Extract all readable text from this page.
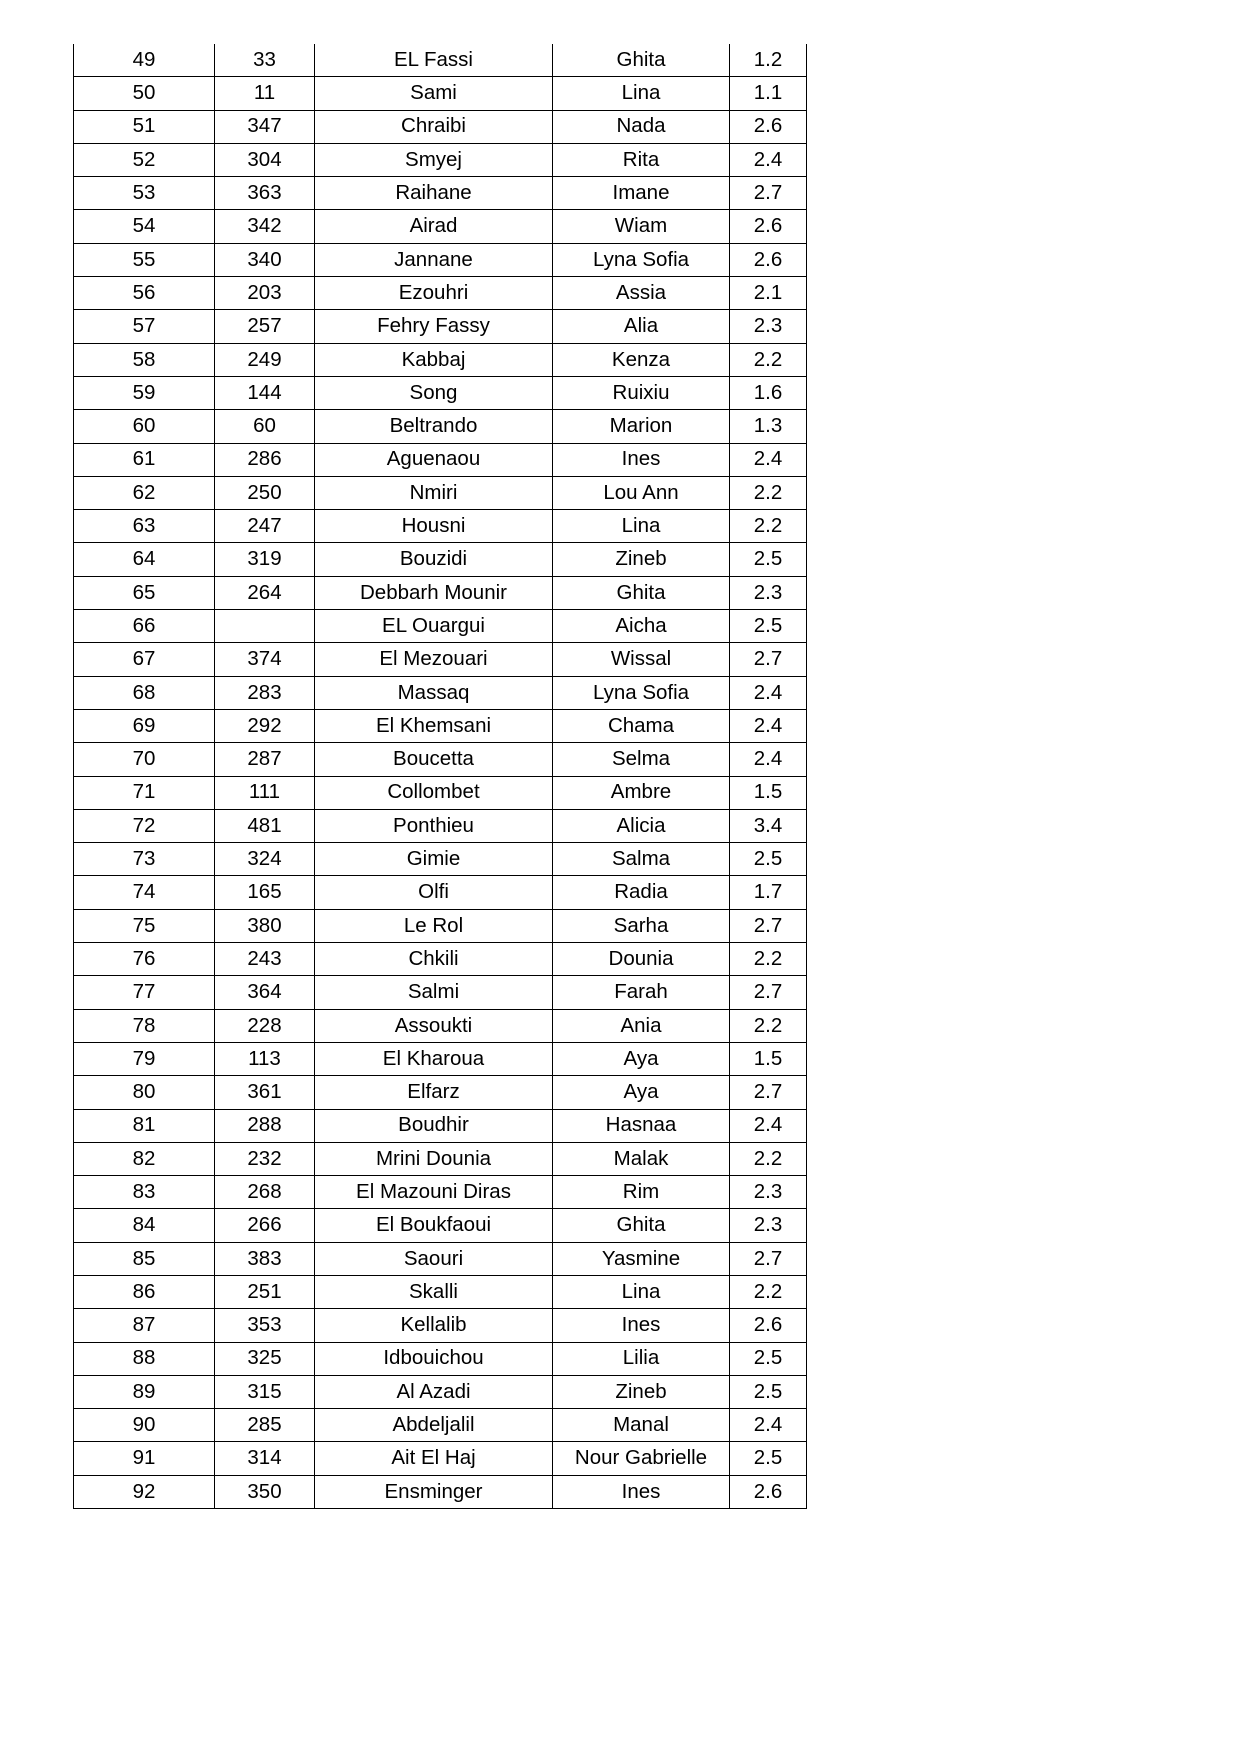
49	33	EL Fassi	Ghita	1.2
50	11	Sami	Lina	1.1
51	347	Chraibi	Nada	2.6
52	304	Smyej	Rita	2.4
53	363	Raihane	Imane	2.7
54	342	Airad	Wiam	2.6
55	340	Jannane	Lyna Sofia	2.6
56	203	Ezouhri	Assia	2.1
57	257	Fehry Fassy	Alia	2.3
58	249	Kabbaj	Kenza	2.2
59	144	Song	Ruixiu	1.6
60	60	Beltrando	Marion	1.3
61	286	Aguenaou	Ines	2.4
62	250	Nmiri	Lou Ann	2.2
63	247	Housni	Lina	2.2
64	319	Bouzidi	Zineb	2.5
65	264	Debbarh Mounir	Ghita	2.3
66		EL Ouargui	Aicha	2.5
67	374	El Mezouari	Wissal	2.7
68	283	Massaq	Lyna Sofia	2.4
69	292	El Khemsani	Chama	2.4
70	287	Boucetta	Selma	2.4
71	111	Collombet	Ambre	1.5
72	481	Ponthieu	Alicia	3.4
73	324	Gimie	Salma	2.5
74	165	Olfi	Radia	1.7
75	380	Le Rol	Sarha	2.7
76	243	Chkili	Dounia	2.2
77	364	Salmi	Farah	2.7
78	228	Assoukti	Ania	2.2
79	113	El Kharoua	Aya	1.5
80	361	Elfarz	Aya	2.7
81	288	Boudhir	Hasnaa	2.4
82	232	Mrini Dounia	Malak	2.2
83	268	El Mazouni Diras	Rim	2.3
84	266	El Boukfaoui	Ghita	2.3
85	383	Saouri	Yasmine	2.7
86	251	Skalli	Lina	2.2
87	353	Kellalib	Ines	2.6
88	325	Idbouichou	Lilia	2.5
89	315	Al Azadi	Zineb	2.5
90	285	Abdeljalil	Manal	2.4
91	314	Ait El Haj	Nour Gabrielle	2.5
92	350	Ensminger	Ines	2.6
